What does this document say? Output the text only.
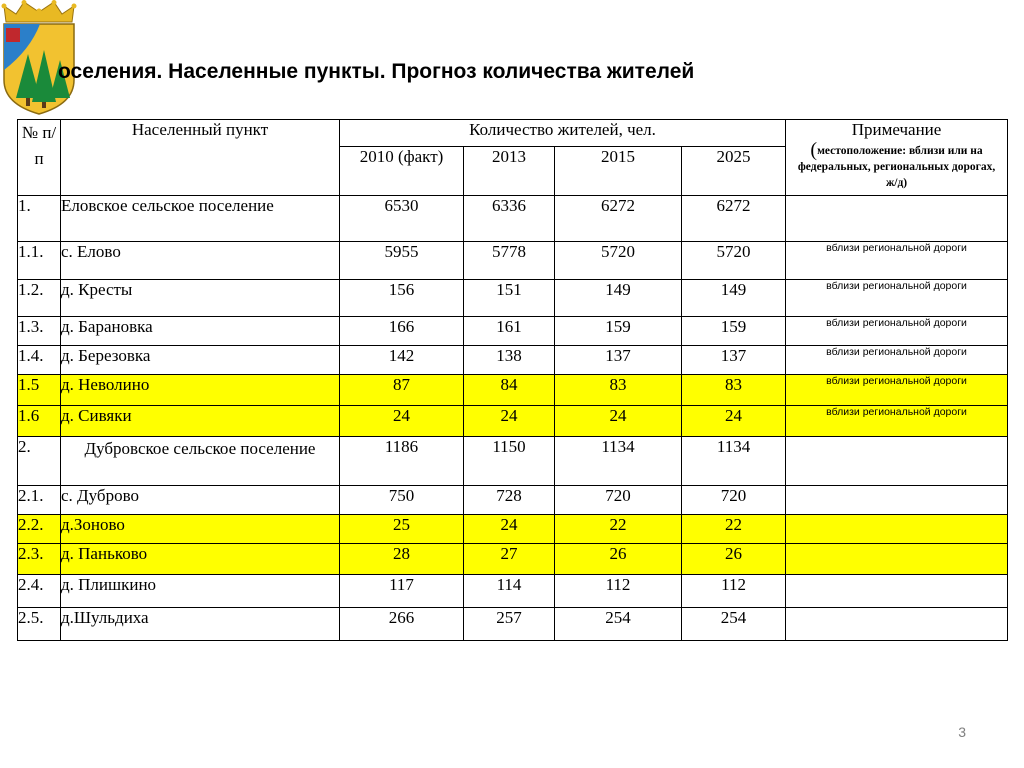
оселения. Населенные пункты. Прогноз количества жителей
№ п/п	Населенный пункт	Количество жителей, чел.				Примечание
(местоположение: вблизи или на федеральных, региональных дорогах, ж/д)

		2010 (факт)	2013	2015	2025	
1.	Еловское сельское поселение	6530	6336	6272	6272	
1.1.	с. Елово	5955	5778	5720	5720	вблизи региональной дороги
1.2.	д. Кресты	156	151	149	149	вблизи региональной дороги
1.3.	д. Барановка	166	161	159	159	вблизи региональной дороги
1.4.	д. Березовка	142	138	137	137	вблизи региональной дороги
1.5	д. Неволино	87	84	83	83	вблизи региональной дороги
1.6	д. Сивяки	24	24	24	24	вблизи региональной дороги
2.	Дубровское сельское поселение	1186	1150	1134	1134	
2.1.	с. Дуброво	750	728	720	720	
2.2.	д.Зоново	25	24	22	22	
2.3.	д. Паньково	28	27	26	26	
2.4.	д. Плишкино	117	114	112	112	
2.5.	д.Шульдиха	266	257	254	254	
3
